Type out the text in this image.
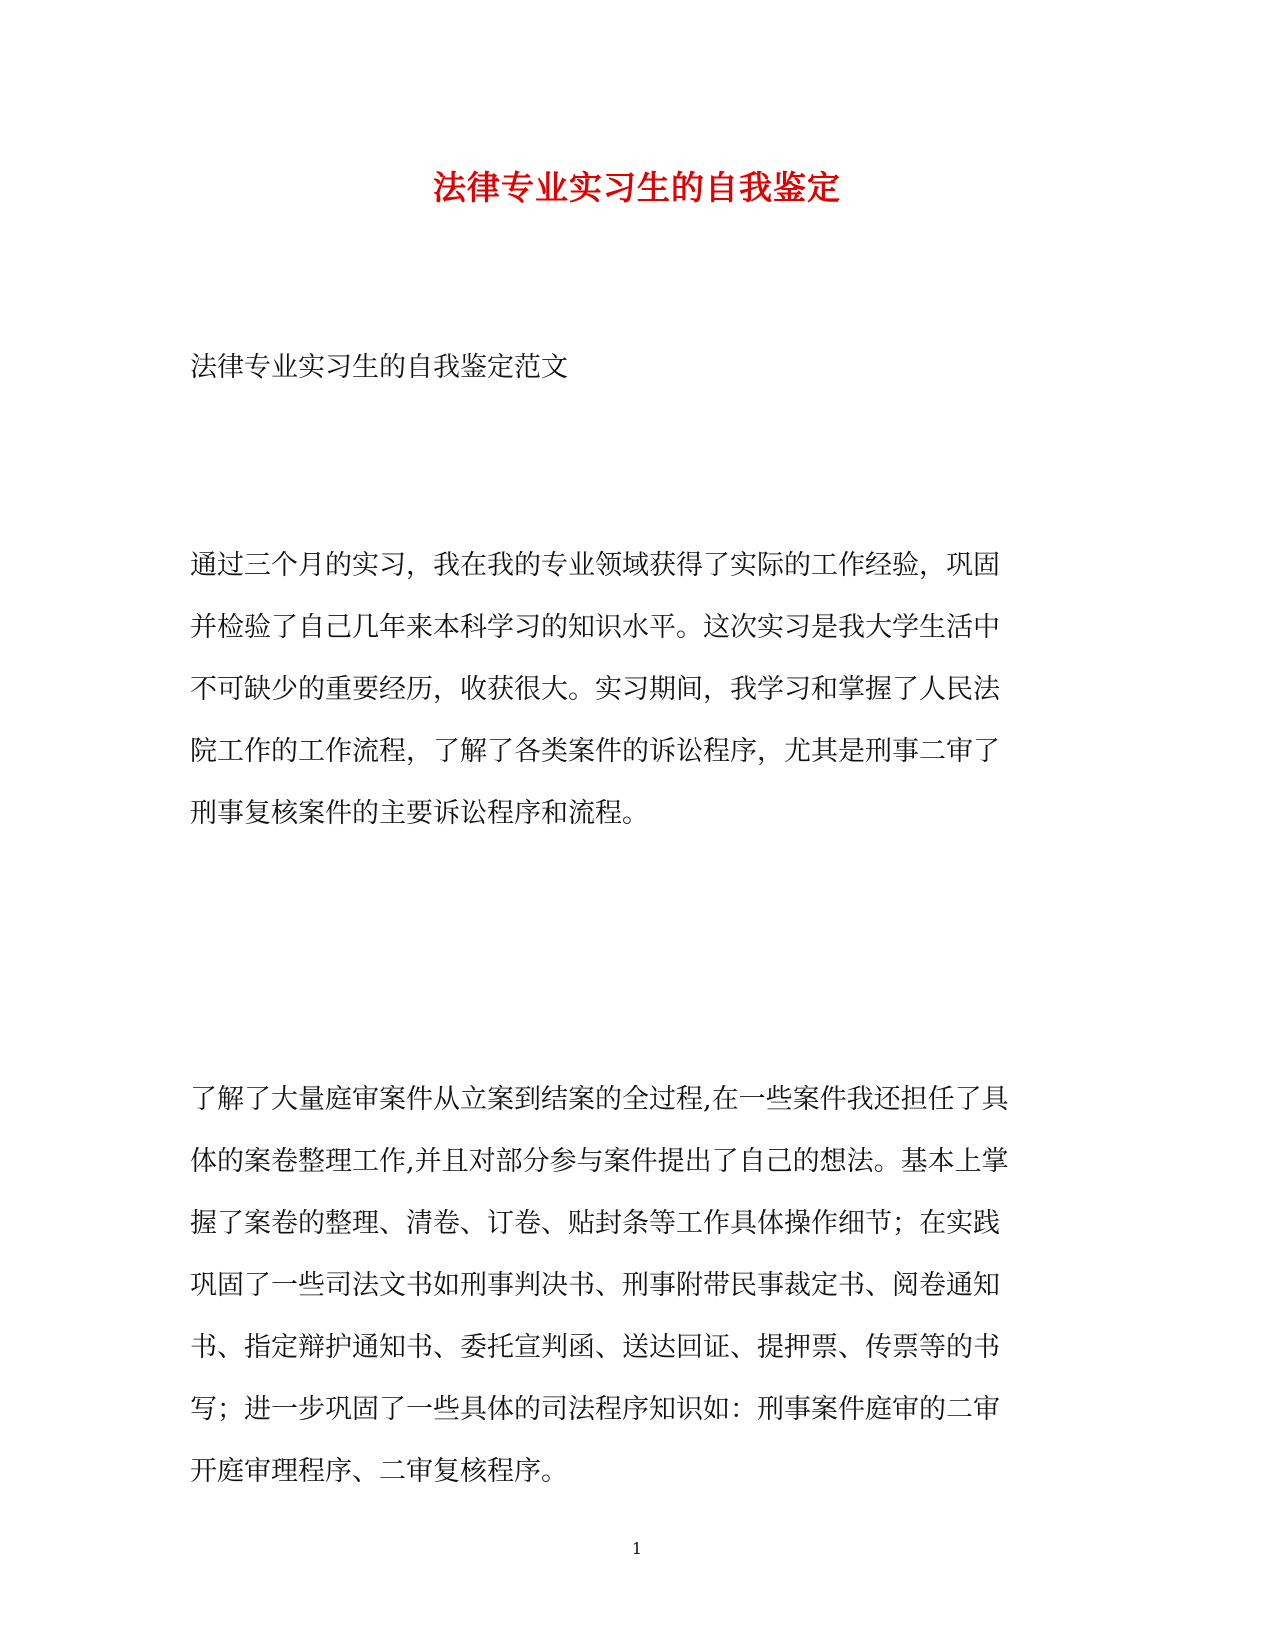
法律专业实习生的自我鉴定
法律专业实习生的自我鉴定范文
通过三个月的实习，我在我的专业领域获得了实际的工作经验，巩固
并检验了自己几年来本科学习的知识水平。这次实习是我大学生活中
不可缺少的重要经历，收获很大。实习期间，我学习和掌握了人民法
院工作的工作流程，了解了各类案件的诉讼程序，尤其是刑事二审了
刑事复核案件的主要诉讼程序和流程。
了解了大量庭审案件从立案到结案的全过程,在一些案件我还担任了具
体的案卷整理工作,并且对部分参与案件提出了自己的想法。基本上掌
握了案卷的整理、清卷、订卷、贴封条等工作具体操作细节；在实践
巩固了一些司法文书如刑事判决书、刑事附带民事裁定书、阅卷通知
书、指定辩护通知书、委托宣判函、送达回证、提押票、传票等的书
写；进一步巩固了一些具体的司法程序知识如：刑事案件庭审的二审
开庭审理程序、二审复核程序。
1
